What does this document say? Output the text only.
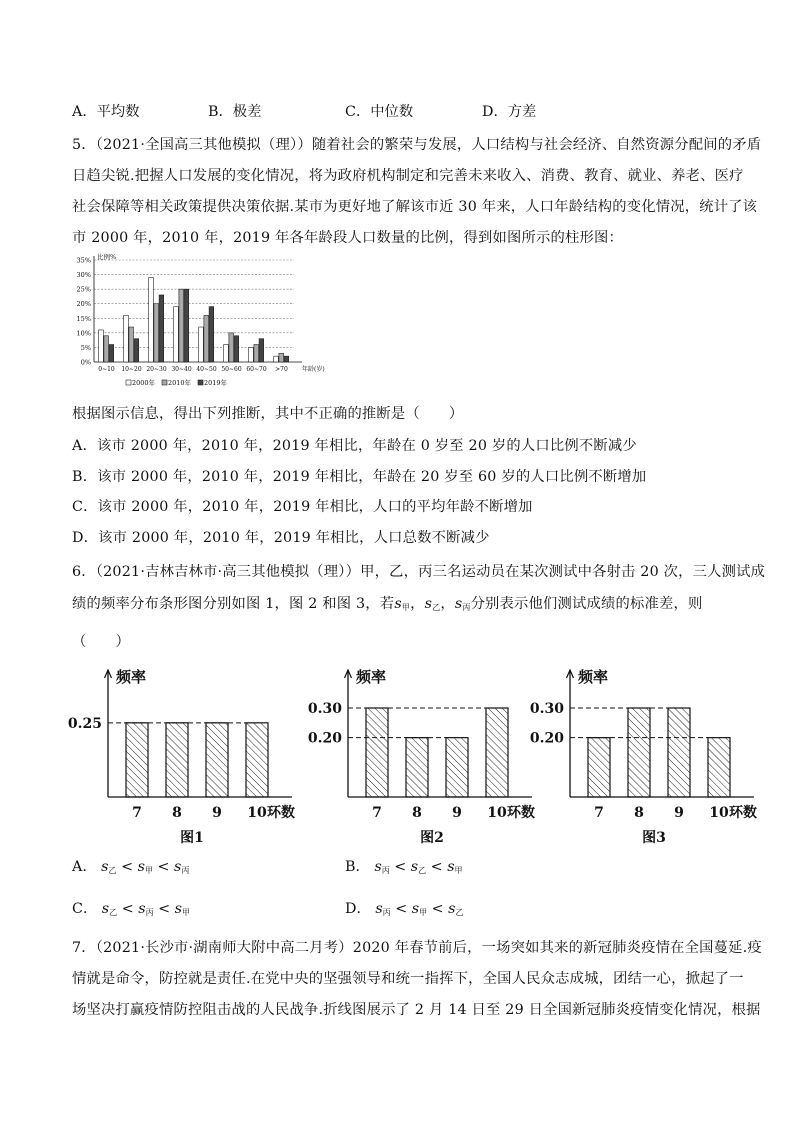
A．平均数	B．极差	C．中位数	D．方差
5．（2021·全国高三其他模拟（理））随着社会的繁荣与发展，人口结构与社会经济、自然资源分配间的矛盾
日趋尖锐.把握人口发展的变化情况，将为政府机构制定和完善未来收入、消费、教育、就业、养老、医疗
社会保障等相关政策提供决策依据.某市为更好地了解该市近 30 年来，人口年龄结构的变化情况，统计了该
市 2000 年，2010 年，2019 年各年龄段人口数量的比例，得到如图所示的柱形图：
0%
5%
10%
15%
20%
25%
30%
35% 比例%
0~10 10~20 20~30 30~40 40~50 50~60 60~70 >70 年龄(岁)
2000年 2010年 2019年
根据图示信息，得出下列推断，其中不正确的推断是（　　）
A．该市 2000 年，2010 年，2019 年相比，年龄在 0 岁至 20 岁的人口比例不断减少
B．该市 2000 年，2010 年，2019 年相比，年龄在 20 岁至 60 岁的人口比例不断增加
C．该市 2000 年，2010 年，2019 年相比，人口的平均年龄不断增加
D．该市 2000 年，2010 年，2019 年相比，人口总数不断减少
6．（2021·吉林吉林市·高三其他模拟（理））甲，乙，丙三名运动员在某次测试中各射击 20 次，三人测试成
绩的频率分布条形图分别如图 1，图 2 和图 3，若$s_甲$，$s_乙$，$s_丙$分别表示他们测试成绩的标准差，则
（　　）
频率
0.25
7 8 9 10 环数
图1
频率
0.30
0.20
7 8 9 10 环数
图2
频率
0.30
0.20
7 8 9 10 环数
图3
A． $s_乙 < s_甲 < s_丙$	B． $s_丙 < s_乙 < s_甲$
C． $s_乙 < s_丙 < s_甲$	D． $s_丙 < s_甲 < s_乙$
7．（2021·长沙市·湖南师大附中高二月考）2020 年春节前后，一场突如其来的新冠肺炎疫情在全国蔓延.疫
情就是命令，防控就是责任.在党中央的坚强领导和统一指挥下，全国人民众志成城，团结一心，掀起了一
场坚决打赢疫情防控阻击战的人民战争.折线图展示了 2 月 14 日至 29 日全国新冠肺炎疫情变化情况，根据
